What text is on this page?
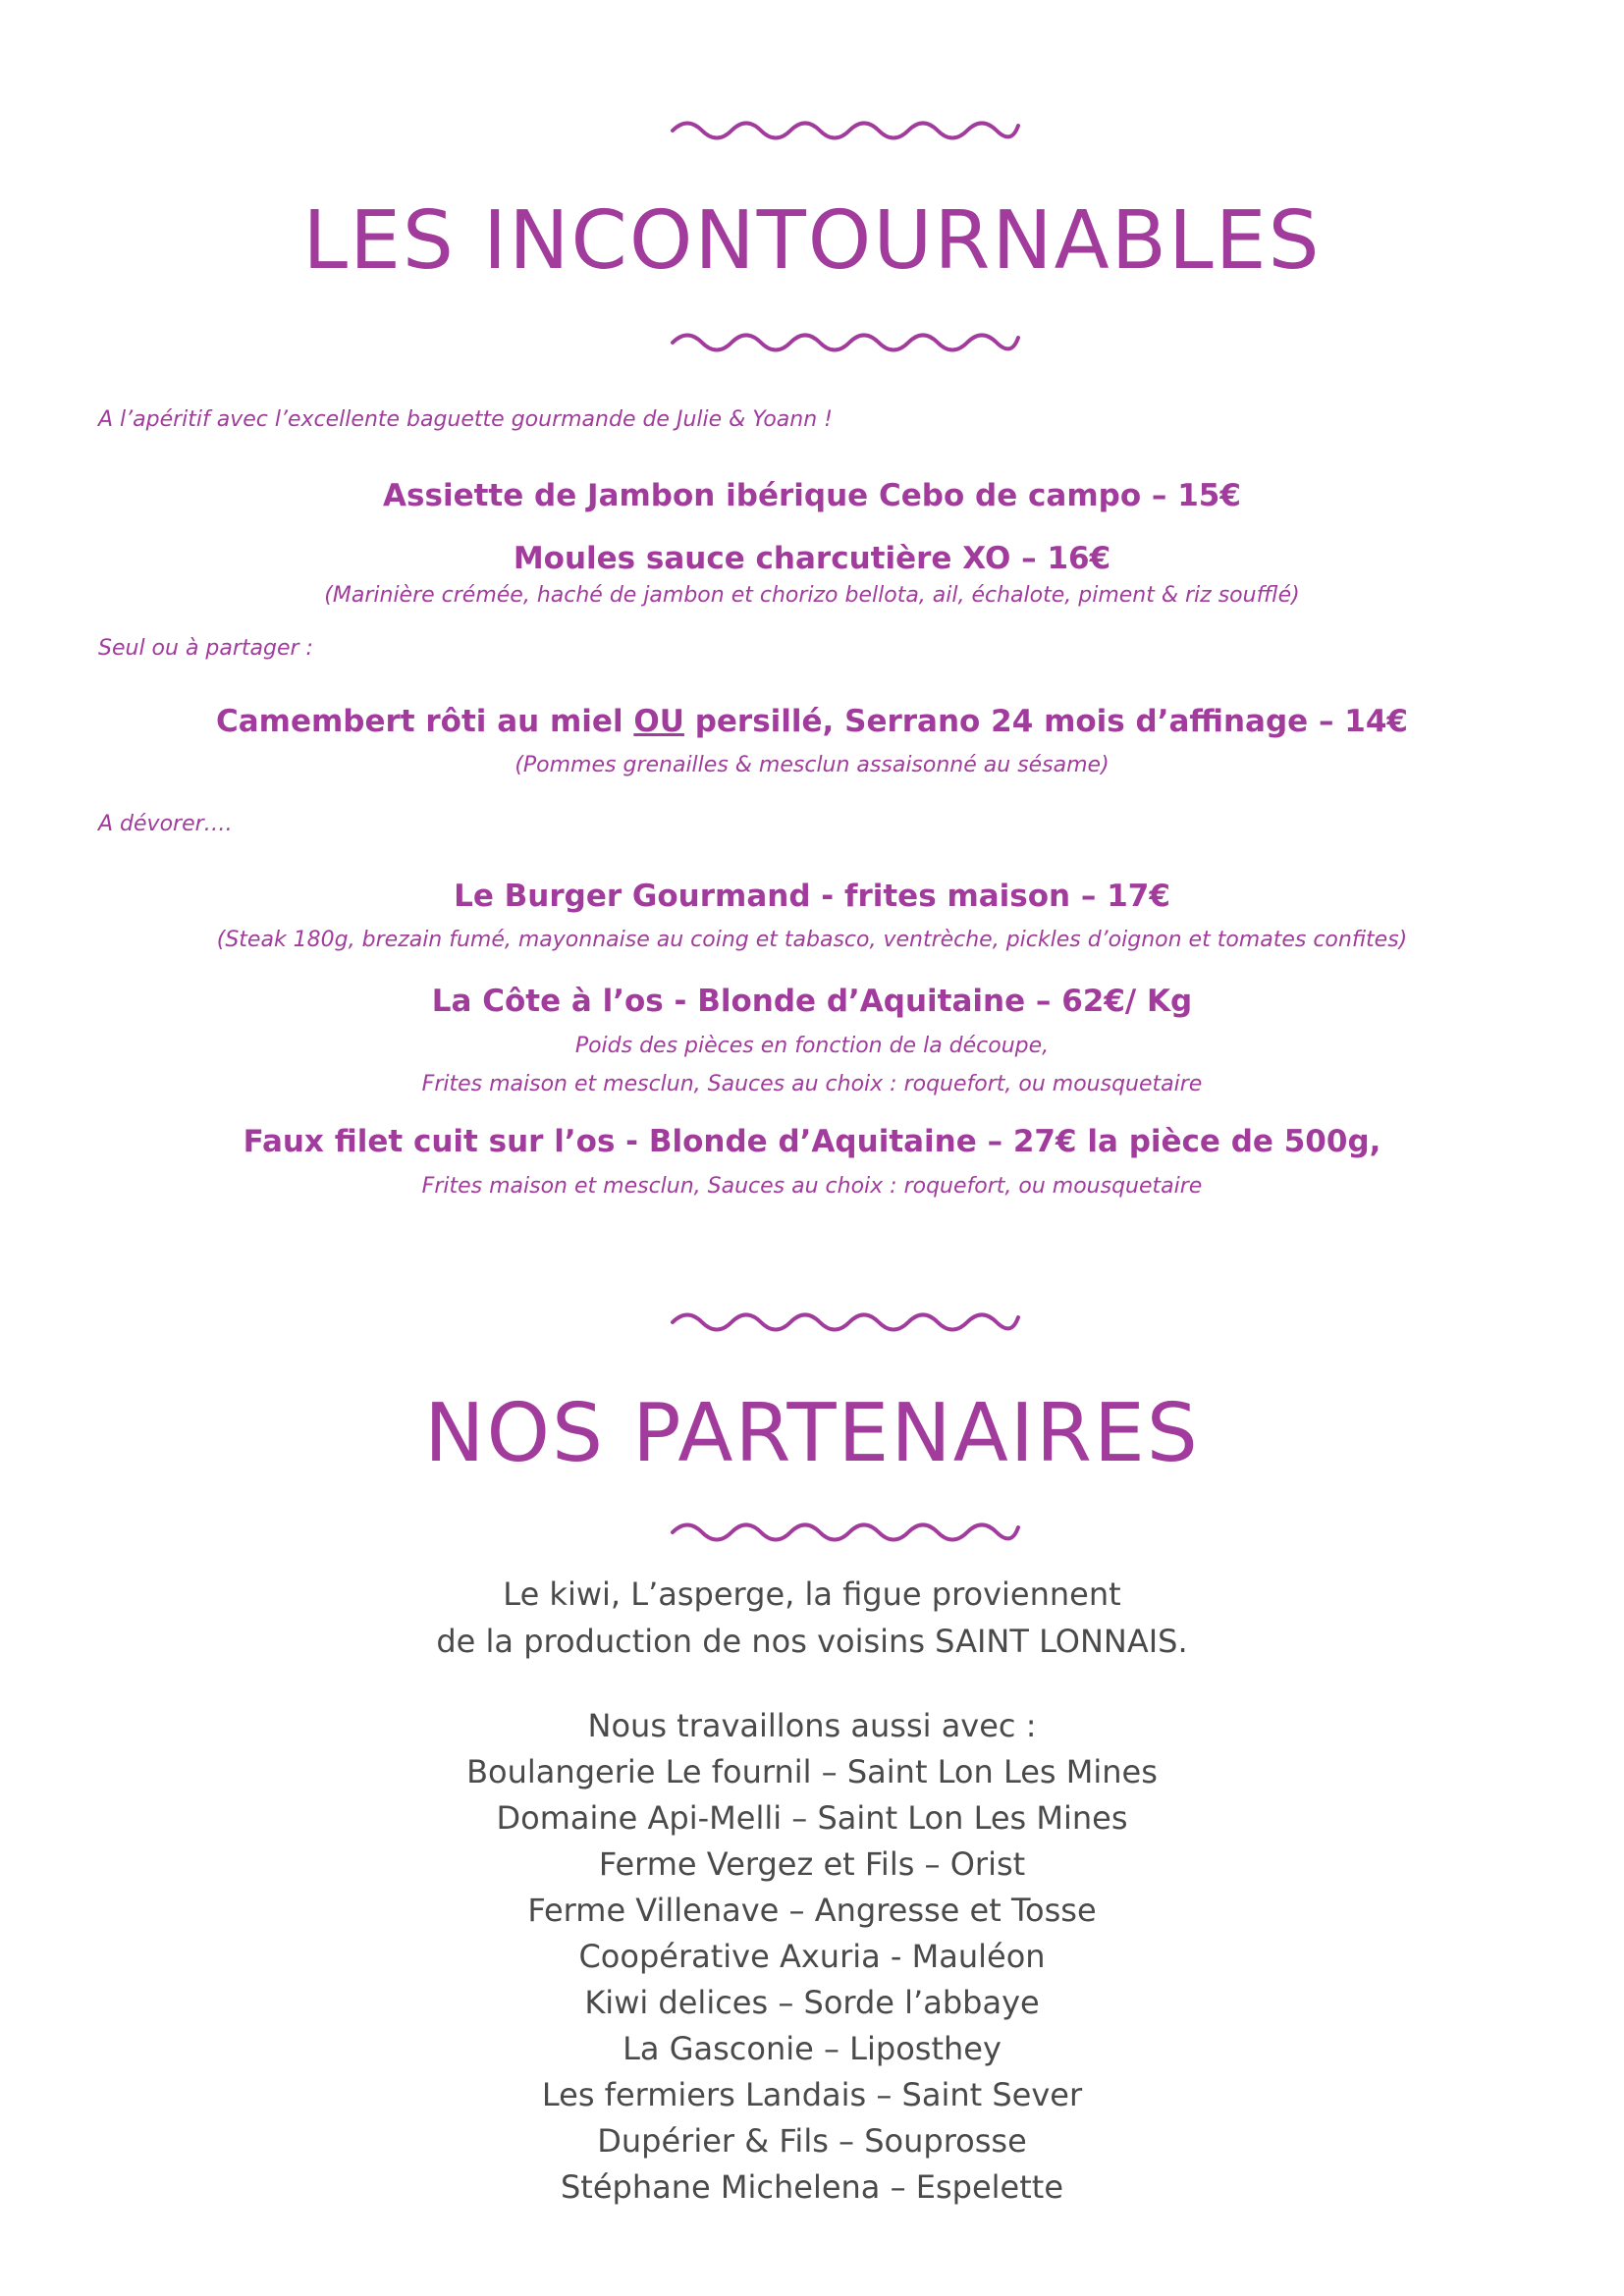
LES INCONTOURNABLES
A l’apéritif avec l’excellente baguette gourmande de Julie & Yoann !
Assiette de Jambon ibérique Cebo de campo – 15€
Moules sauce charcutière XO – 16€
(Marinière crémée, haché de jambon et chorizo bellota, ail, échalote, piment & riz soufflé)
Seul ou à partager :
Camembert rôti au miel OU persillé, Serrano 24 mois d’affinage – 14€
(Pommes grenailles & mesclun assaisonné au sésame)
A dévorer….
Le Burger Gourmand - frites maison – 17€
(Steak 180g, brezain fumé, mayonnaise au coing et tabasco, ventrèche, pickles d’oignon et tomates confites)
La Côte à l’os - Blonde d’Aquitaine – 62€/ Kg
Poids des pièces en fonction de la découpe,
Frites maison et mesclun, Sauces au choix : roquefort, ou mousquetaire
Faux filet cuit sur l’os - Blonde d’Aquitaine – 27€ la pièce de 500g,
Frites maison et mesclun, Sauces au choix : roquefort, ou mousquetaire
NOS PARTENAIRES
Le kiwi, L’asperge, la figue proviennent
de la production de nos voisins SAINT LONNAIS.
Nous travaillons aussi avec :
Boulangerie Le fournil – Saint Lon Les Mines
Domaine Api-Melli – Saint Lon Les Mines
Ferme Vergez et Fils – Orist
Ferme Villenave – Angresse et Tosse
Coopérative Axuria - Mauléon
Kiwi delices – Sorde l’abbaye
La Gasconie – Liposthey
Les fermiers Landais – Saint Sever
Dupérier & Fils – Souprosse
Stéphane Michelena – Espelette
